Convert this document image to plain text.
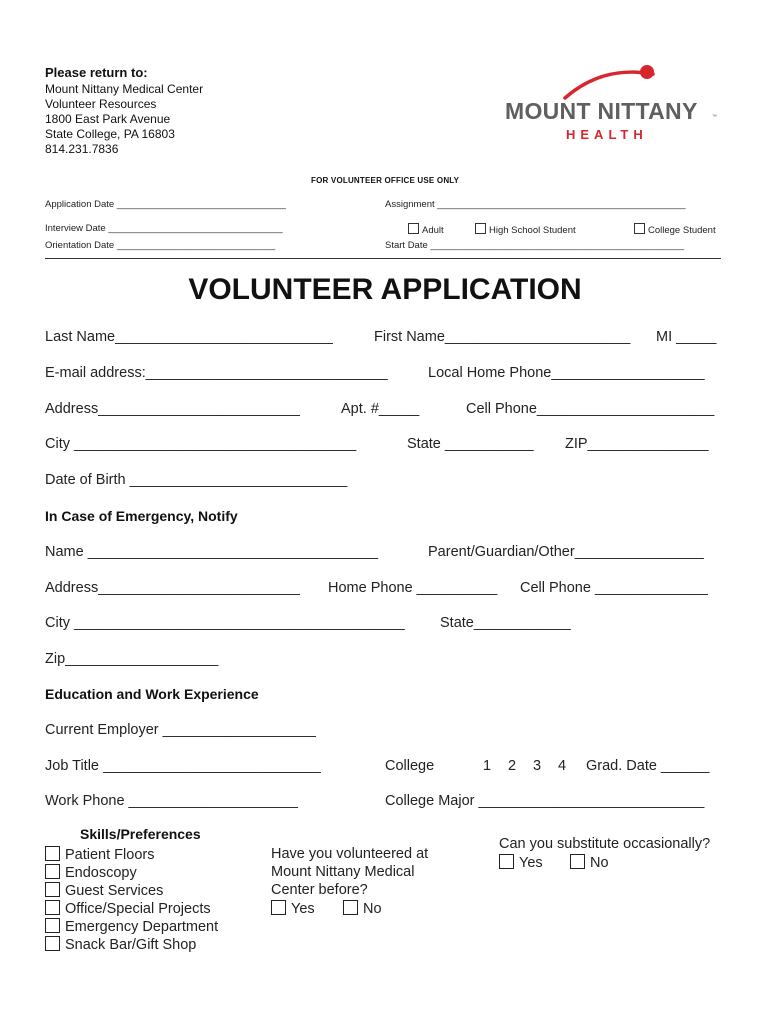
Please return to:
Mount Nittany Medical Center
Volunteer Resources
1800 East Park Avenue
State College, PA 16803
814.231.7836
MOUNT NITTANY	™
HEALTH
FOR VOLUNTEER OFFICE USE ONLY
Application Date ________________________________	Assignment _______________________________________________
Interview Date _________________________________	Adult	High School Student	College Student
Orientation Date ______________________________	Start Date ________________________________________________
VOLUNTEER APPLICATION
Last Name___________________________	First Name_______________________ MI _____
E-mail address:______________________________	Local Home Phone___________________
Address_________________________	Apt. #_____	Cell Phone______________________
City ___________________________________	State ___________ ZIP_______________
Date of Birth ___________________________
In Case of Emergency, Notify
Name ____________________________________	Parent/Guardian/Other________________
Address_________________________ Home Phone __________ Cell Phone ______________
City _________________________________________ State____________
Zip___________________
Education and Work Experience
Current Employer ___________________
Job Title ___________________________	College	1 2 3 4 Grad. Date ______
Work Phone _____________________	College Major ____________________________
Skills/Preferences
Patient Floors
Endoscopy
Guest Services
Office/Special Projects
Emergency Department
Snack Bar/Gift Shop
Have you volunteered at
Mount Nittany Medical
Center before?
Yes	No
Can you substitute occasionally?
Yes	No
